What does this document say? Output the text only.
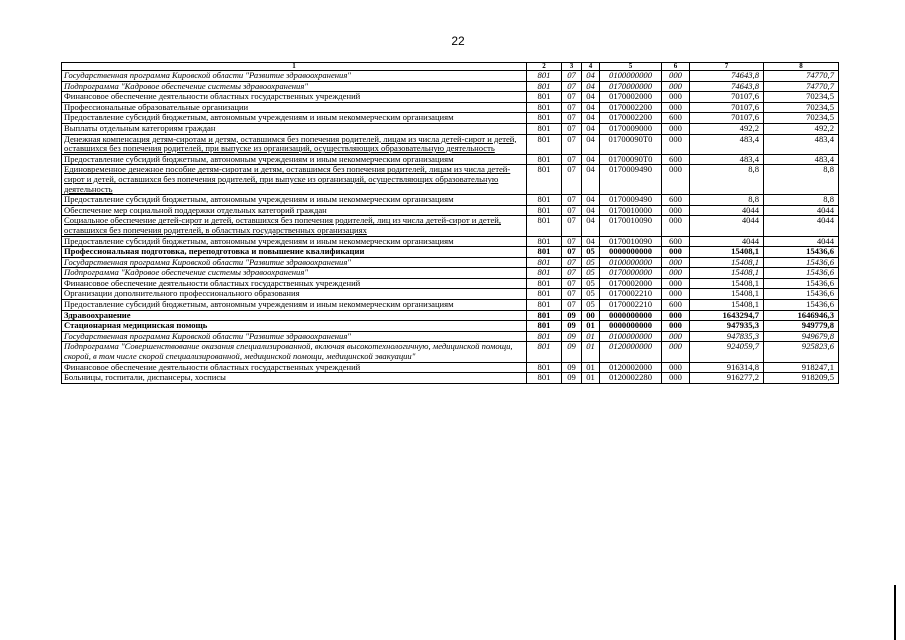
22
1	2	3	4	5	6	7	8
Государственная программа Кировской области "Развитие здравоохранения"	801	07	04	0100000000	000	74643,8	74770,7
Подпрограмма "Кадровое обеспечение системы здравоохранения"	801	07	04	0170000000	000	74643,8	74770,7
Финансовое обеспечение деятельности областных государственных учреждений	801	07	04	0170002000	000	70107,6	70234,5
Профессиональные образовательные организации	801	07	04	0170002200	000	70107,6	70234,5
Предоставление субсидий бюджетным, автономным учреждениям и иным некоммерческим организациям	801	07	04	0170002200	600	70107,6	70234,5
Выплаты отдельным категориям граждан	801	07	04	0170009000	000	492,2	492,2
Денежная компенсация детям-сиротам и детям, оставшимся без попечения родителей, лицам из числа детей-сирот и детей, оставшихся без попечения родителей, при выпуске из организаций, осуществляющих образовательную деятельность	801	07	04	01700090Т0	000	483,4	483,4
Предоставление субсидий бюджетным, автономным учреждениям и иным некоммерческим организациям	801	07	04	01700090Т0	600	483,4	483,4
Единовременное денежное пособие детям-сиротам и детям, оставшимся без попечения родителей, лицам из числа детей-сирот и детей, оставшихся без попечения родителей, при выпуске из организаций, осуществляющих образовательную деятельность	801	07	04	0170009490	000	8,8	8,8
Предоставление субсидий бюджетным, автономным учреждениям и иным некоммерческим организациям	801	07	04	0170009490	600	8,8	8,8
Обеспечение мер социальной поддержки отдельных категорий граждан	801	07	04	0170010000	000	4044	4044
Социальное обеспечение детей-сирот и детей, оставшихся без попечения родителей, лиц из числа детей-сирот и детей, оставшихся без попечения родителей, в областных государственных организациях	801	07	04	0170010090	000	4044	4044
Предоставление субсидий бюджетным, автономным учреждениям и иным некоммерческим организациям	801	07	04	0170010090	600	4044	4044
Профессиональная подготовка, переподготовка и повышение квалификации	801	07	05	0000000000	000	15408,1	15436,6
Государственная программа Кировской области "Развитие здравоохранения"	801	07	05	0100000000	000	15408,1	15436,6
Подпрограмма "Кадровое обеспечение системы здравоохранения"	801	07	05	0170000000	000	15408,1	15436,6
Финансовое обеспечение деятельности областных государственных учреждений	801	07	05	0170002000	000	15408,1	15436,6
Организации дополнительного профессионального образования	801	07	05	0170002210	000	15408,1	15436,6
Предоставление субсидий бюджетным, автономным учреждениям и иным некоммерческим организациям	801	07	05	0170002210	600	15408,1	15436,6
Здравоохранение	801	09	00	0000000000	000	1643294,7	1646946,3
Стационарная медицинская помощь	801	09	01	0000000000	000	947935,3	949779,8
Государственная программа Кировской области "Развитие здравоохранения"	801	09	01	0100000000	000	947835,3	949679,8
Подпрограмма "Совершенствование оказания специализированной, включая высокотехнологичную, медицинской помощи, скорой, в том числе скорой специализированной, медицинской помощи, медицинской эвакуации"	801	09	01	0120000000	000	924059,7	925823,6
Финансовое обеспечение деятельности областных государственных учреждений	801	09	01	0120002000	000	916314,8	918247,1
Больницы, госпитали, диспансеры, хосписы	801	09	01	0120002280	000	916277,2	918209,5
